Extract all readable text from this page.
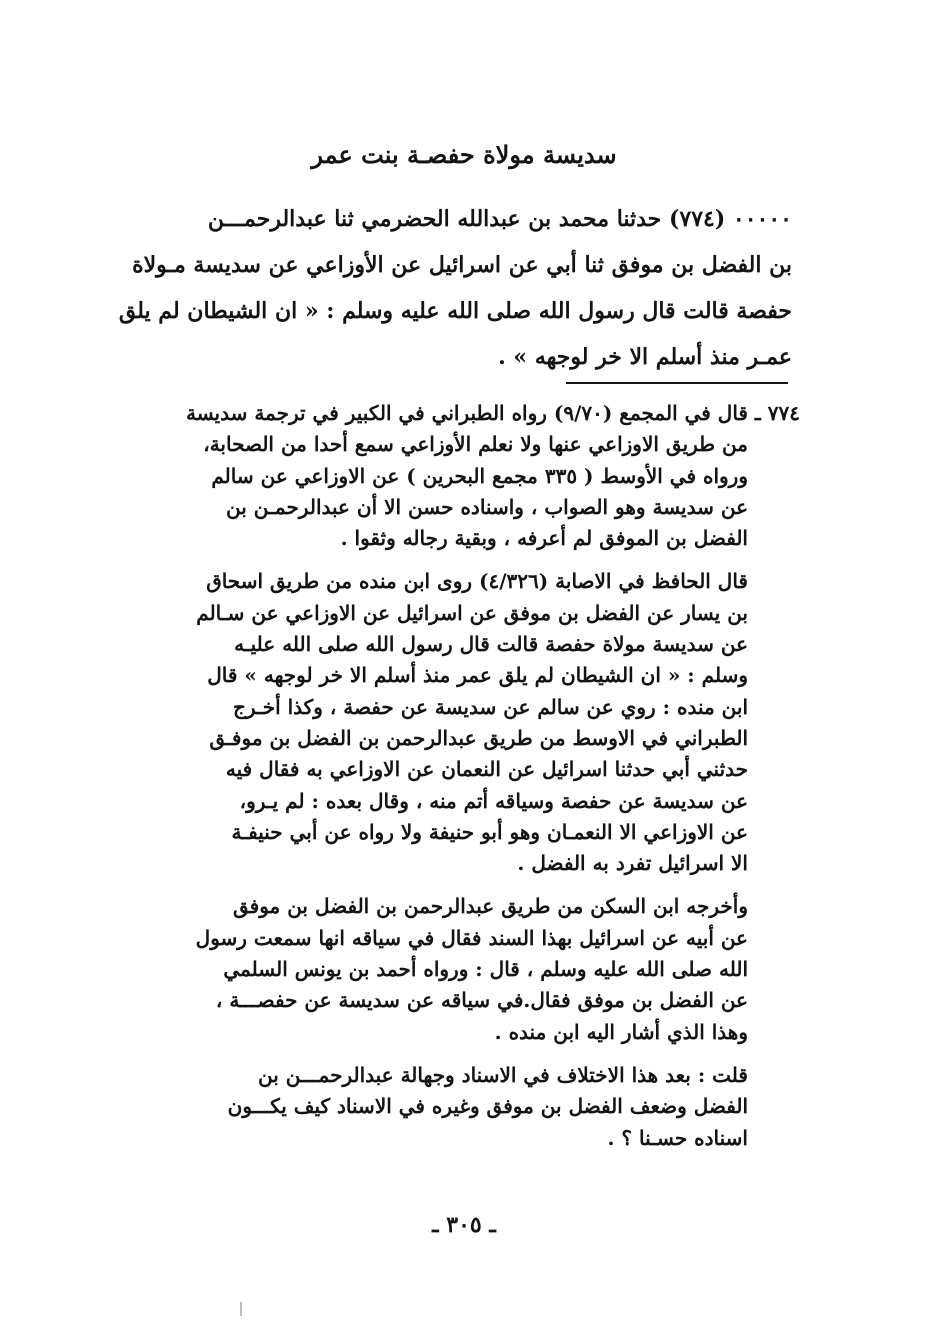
سديسة مولاة حفصـة بنت عمر
٠٠٠٠٠ (٧٧٤) حدثنا محمد بن عبدالله الحضرمي ثنا عبدالرحمـــن
بن الفضل بن موفق ثنا أبي عن اسرائيل عن الأوزاعي عن سديسة مـولاة
حفصة قالت قال رسول الله صلى الله عليه وسلم : « ان الشيطان لم يلق
عمـر منذ أسلم الا خر لوجهه » .
٧٧٤ ـ قال في المجمع (٩/٧٠) رواه الطبراني في الكبير في ترجمة سديسة
من طريق الاوزاعي عنها ولا نعلم الأوزاعي سمع أحدا من الصحابة،
ورواه في الأوسط ( ٣٣٥ مجمع البحرين ) عن الاوزاعي عن سالم
عن سديسة وهو الصواب ، واسناده حسن الا أن عبدالرحمـن بن
الفضل بن الموفق لم أعرفه ، وبقية رجاله وثقوا .
قال الحافظ في الاصابة (٤/٣٢٦) روى ابن منده من طريق اسحاق
بن يسار عن الفضل بن موفق عن اسرائيل عن الاوزاعي عن سـالم
عن سديسة مولاة حفصة قالت قال رسول الله صلى الله عليـه
وسلم : « ان الشيطان لم يلق عمر منذ أسلم الا خر لوجهه » قال
ابن منده : روي عن سالم عن سديسة عن حفصة ، وكذا أخـرج
الطبراني في الاوسط من طريق عبدالرحمن بن الفضل بن موفـق
حدثني أبي حدثنا اسرائيل عن النعمان عن الاوزاعي به فقال فيه
عن سديسة عن حفصة وسياقه أتم منه ، وقال بعده : لم يـرو،
عن الاوزاعي الا النعمـان وهو أبو حنيفة ولا رواه عن أبي حنيفـة
الا اسرائيل تفرد به الفضل .
وأخرجه ابن السكن من طريق عبدالرحمن بن الفضل بن موفق
عن أبيه عن اسرائيل بهذا السند فقال في سياقه انها سمعت رسول
الله صلى الله عليه وسلم ، قال : ورواه أحمد بن يونس السلمي
عن الفضل بن موفق فقال.في سياقه عن سديسة عن حفصـــة ،
وهذا الذي أشار اليه ابن منده .
قلت : بعد هذا الاختلاف في الاسناد وجهالة عبدالرحمـــن بن
الفضل وضعف الفضل بن موفق وغيره في الاسناد كيف يكـــون
اسناده حسـنا ؟ .
ـ ٣٠٥ ـ
